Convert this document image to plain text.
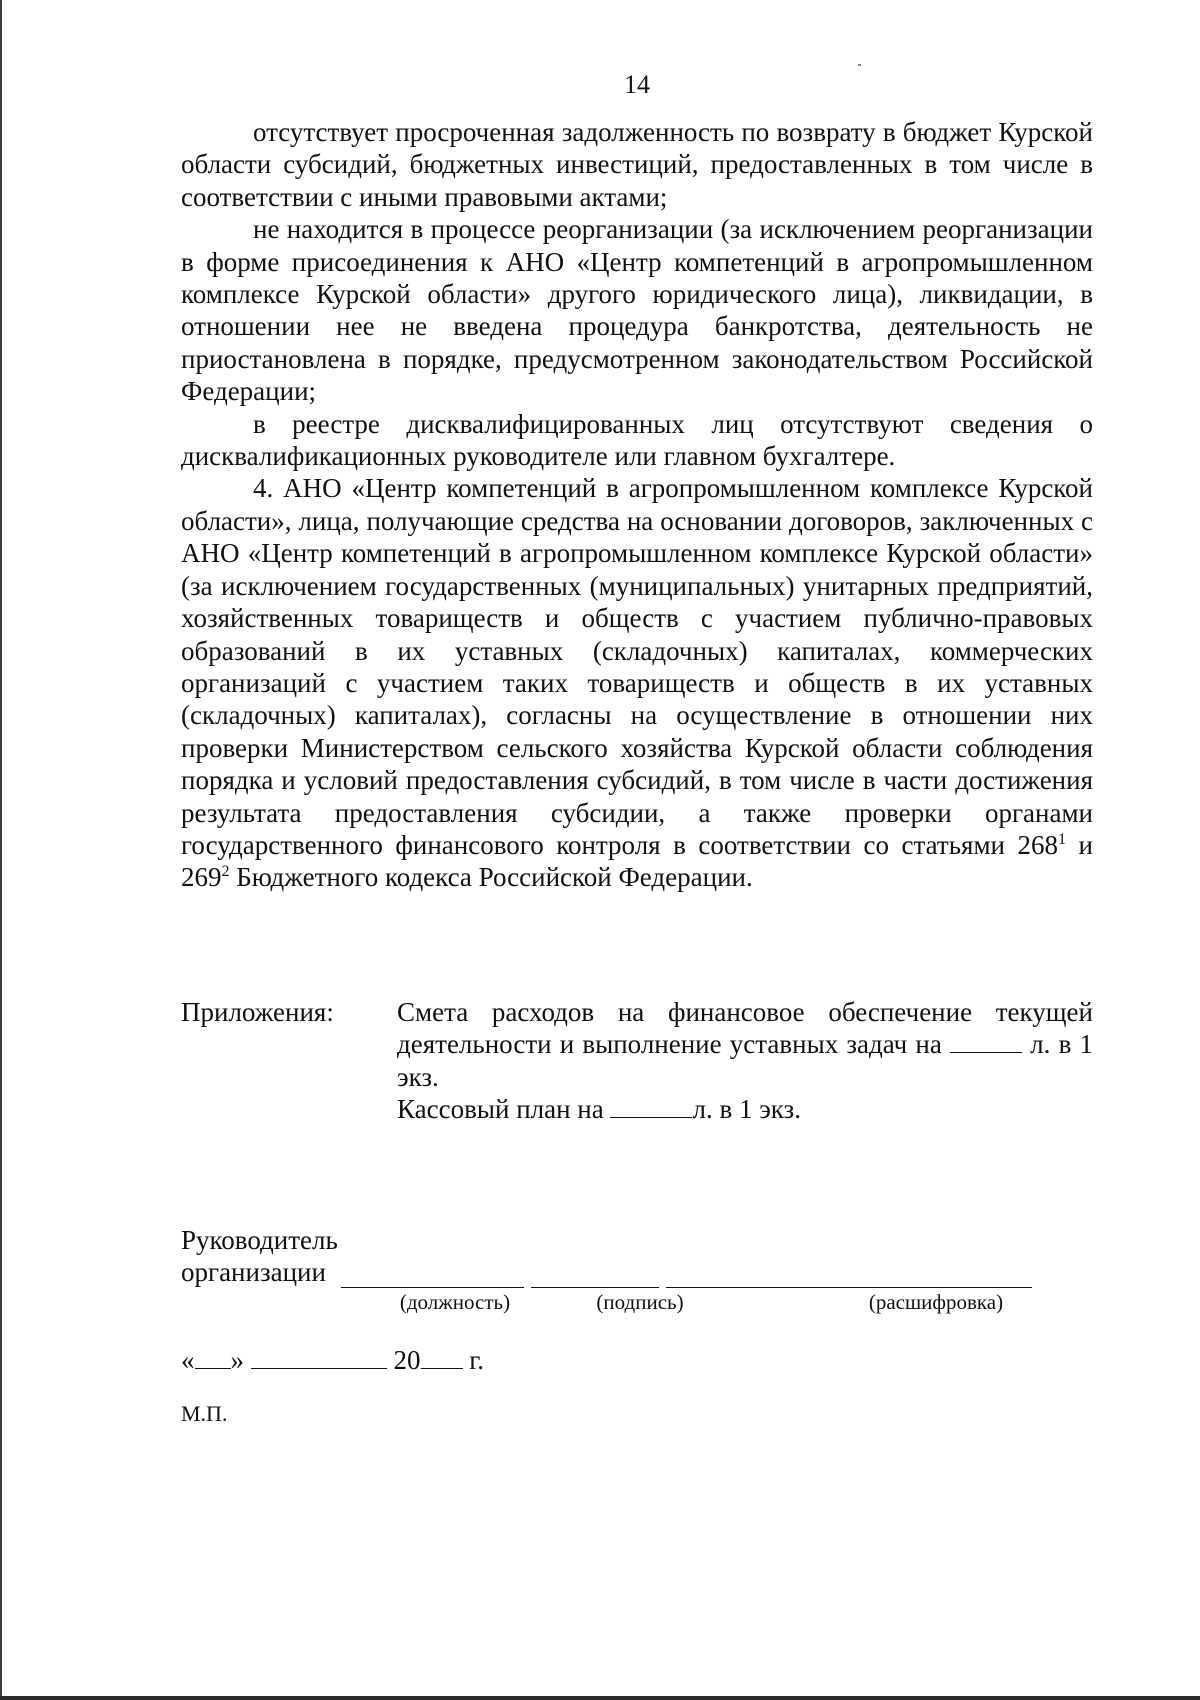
14

отсутствует просроченная задолженность по возврату в бюджет Курской области субсидий, бюджетных инвестиций, предоставленных в том числе в соответствии с иными правовыми актами;

не находится в процессе реорганизации (за исключением реорганизации в форме присоединения к АНО «Центр компетенций в агропромышленном комплексе Курской области» другого юридического лица), ликвидации, в отношении нее не введена процедура банкротства, деятельность не приостановлена в порядке, предусмотренном законодательством Российской Федерации;

в реестре дисквалифицированных лиц отсутствуют сведения о дисквалификационных руководителе или главном бухгалтере.

4. АНО «Центр компетенций в агропромышленном комплексе Курской области», лица, получающие средства на основании договоров, заключенных с АНО «Центр компетенций в агропромышленном комплексе Курской области» (за исключением государственных (муниципальных) унитарных предприятий, хозяйственных товариществ и обществ с участием публично-правовых образований в их уставных (складочных) капиталах, коммерческих организаций с участием таких товариществ и обществ в их уставных (складочных) капиталах), согласны на осуществление в отношении них проверки Министерством сельского хозяйства Курской области соблюдения порядка и условий предоставления субсидий, в том числе в части достижения результата предоставления субсидии, а также проверки органами государственного финансового контроля в соответствии со статьями $268^1$ и $269^2$ Бюджетного кодекса Российской Федерации.

Приложения: Смета расходов на финансовое обеспечение текущей деятельности и выполнение уставных задач на	л. в 1 экз.

Кассовый план на	л. в 1 экз.

Руководитель
организации
(должность)	(подпись)	(расшифровка)
« »	20 г.
М.П.
